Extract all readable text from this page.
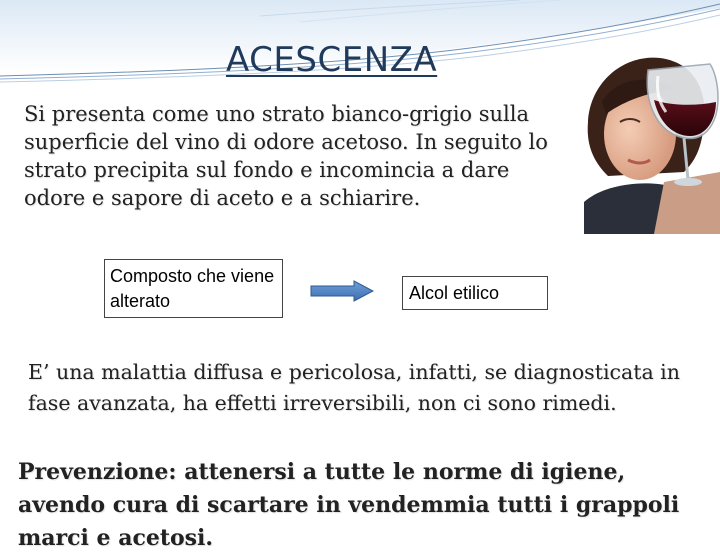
ACESCENZA
Si presenta come uno strato bianco-grigio sulla superficie del vino di odore acetoso. In seguito lo strato precipita sul fondo e incomincia a dare odore e sapore di aceto e a schiarire.
Composto che viene alterato	Alcol etilico
E’ una malattia diffusa e pericolosa, infatti, se diagnosticata in fase avanzata, ha effetti irreversibili, non ci sono rimedi.
Prevenzione: attenersi a tutte le norme di igiene, avendo cura di scartare in vendemmia tutti i grappoli marci e acetosi.
